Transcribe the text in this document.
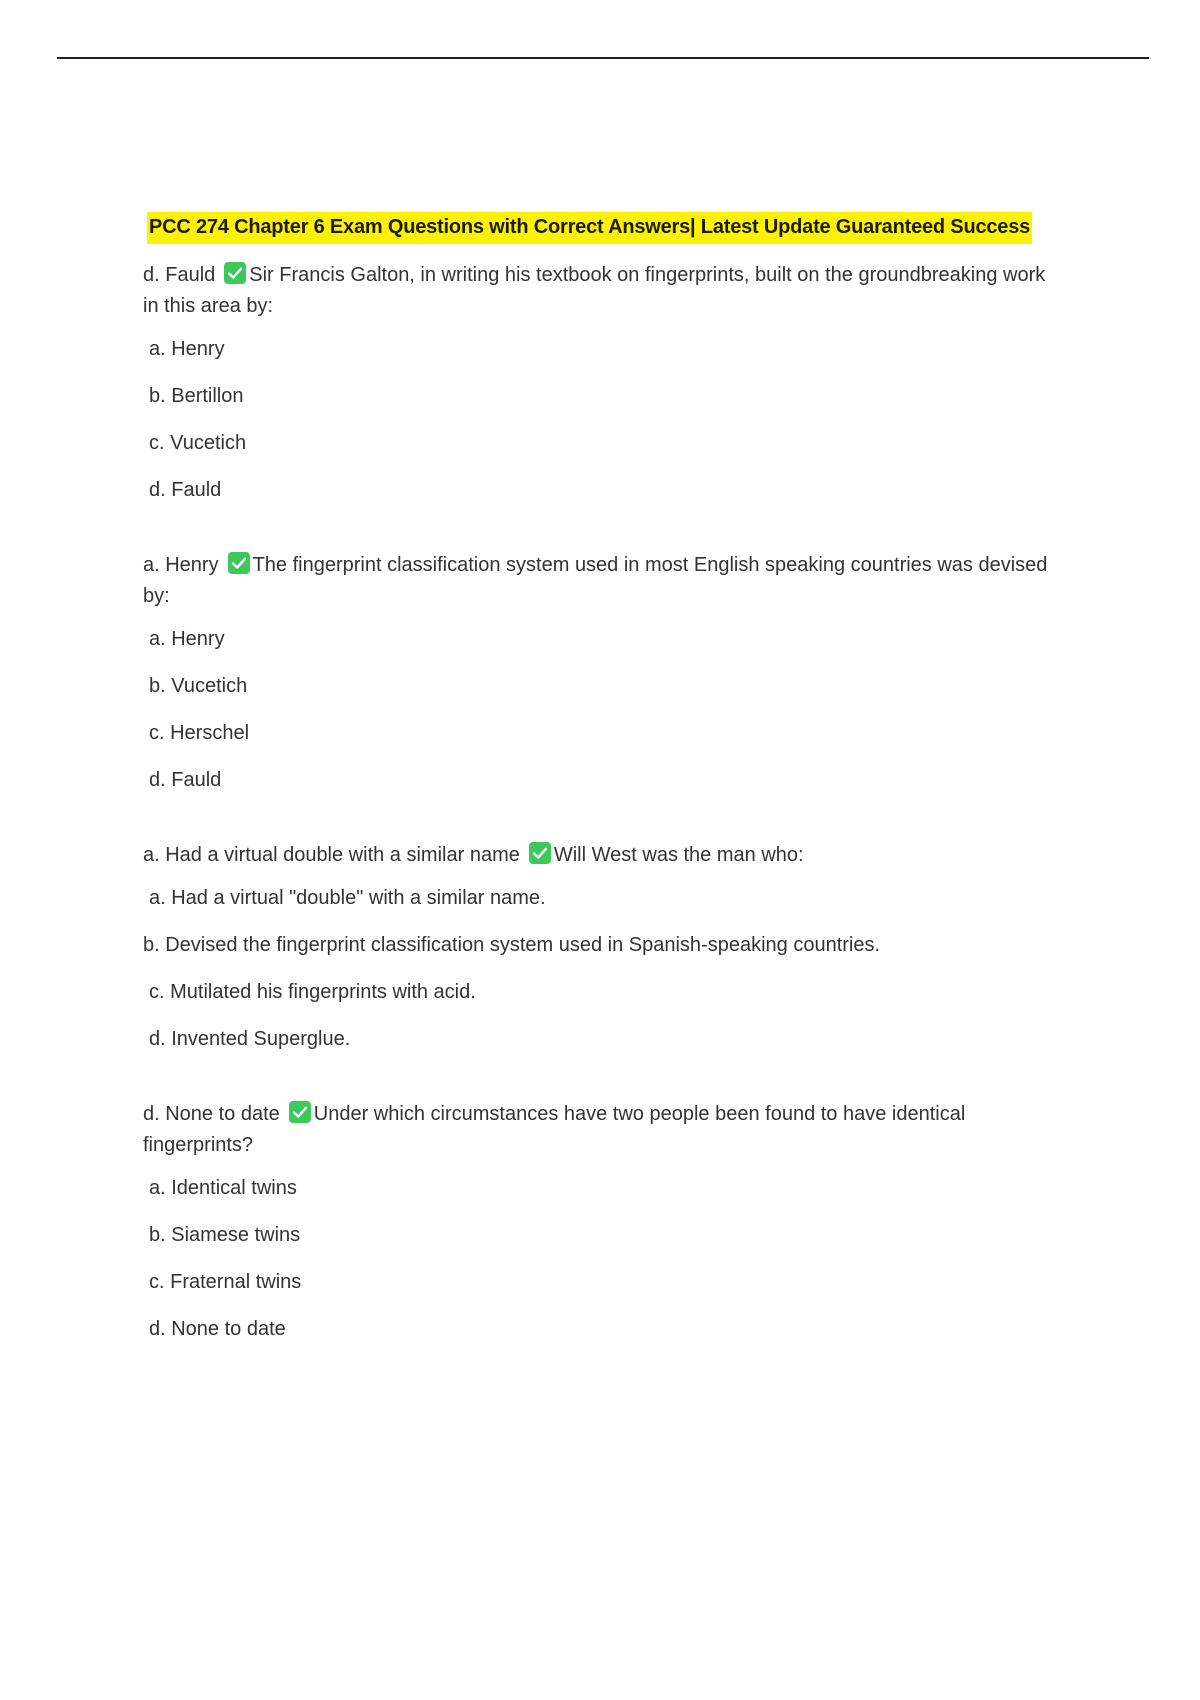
PCC 274 Chapter 6 Exam Questions with Correct Answers| Latest Update Guaranteed Success
d. Fauld Sir Francis Galton, in writing his textbook on fingerprints, built on the groundbreaking work in this area by:
a. Henry
b. Bertillon
c. Vucetich
d. Fauld
a. Henry The fingerprint classification system used in most English speaking countries was devised by:
a. Henry
b. Vucetich
c. Herschel
d. Fauld
a. Had a virtual double with a similar name Will West was the man who:
a. Had a virtual "double" with a similar name.
b. Devised the fingerprint classification system used in Spanish-speaking countries.
c. Mutilated his fingerprints with acid.
d. Invented Superglue.
d. None to date Under which circumstances have two people been found to have identical fingerprints?
a. Identical twins
b. Siamese twins
c. Fraternal twins
d. None to date
